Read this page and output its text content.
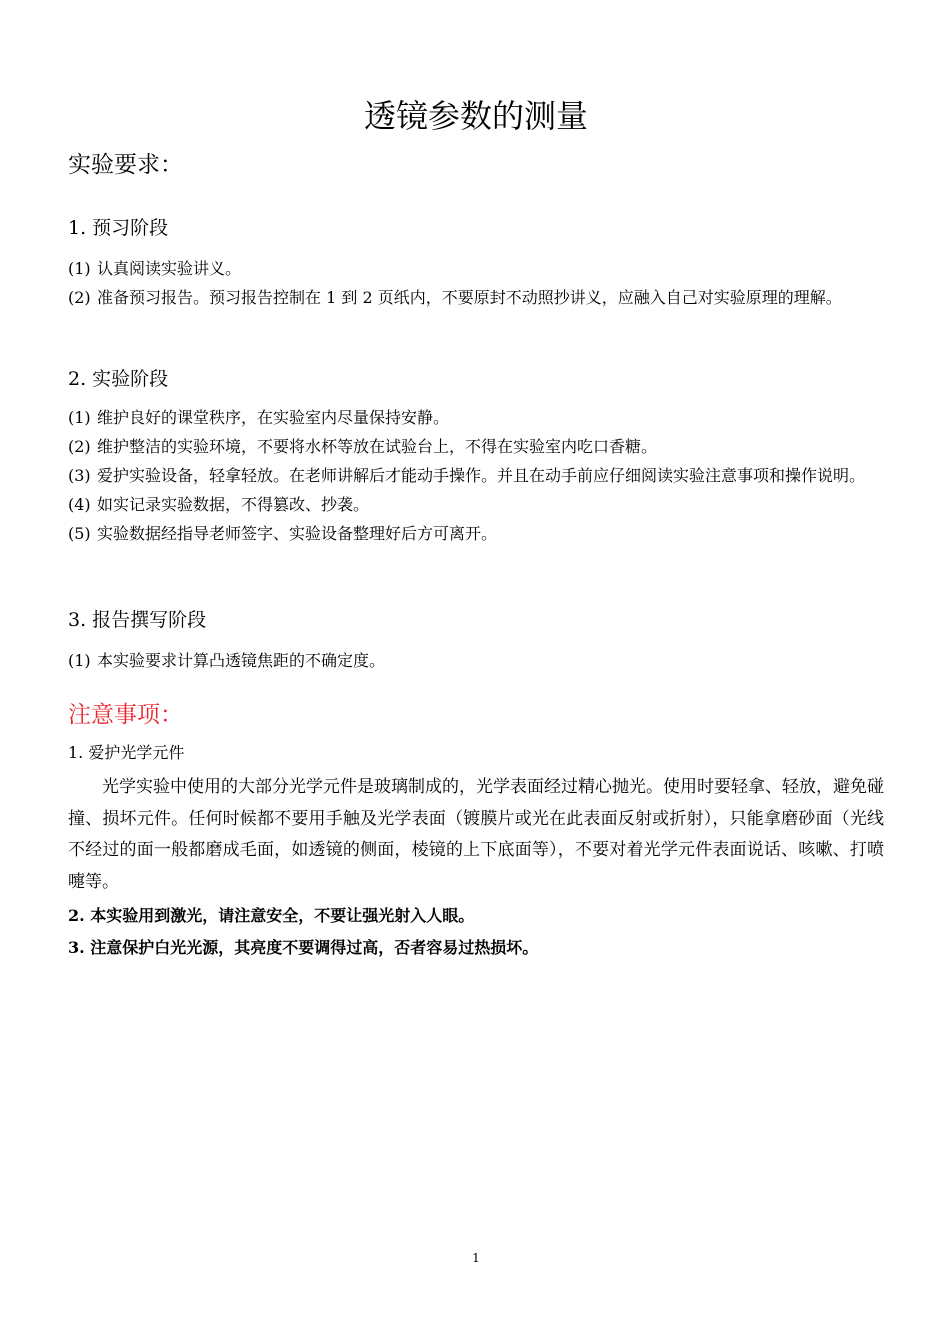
透镜参数的测量
实验要求：
1. 预习阶段
(1) 认真阅读实验讲义。
(2) 准备预习报告。预习报告控制在 1 到 2 页纸内，不要原封不动照抄讲义，应融入自己对实验原理的理解。
2. 实验阶段
(1) 维护良好的课堂秩序，在实验室内尽量保持安静。
(2) 维护整洁的实验环境，不要将水杯等放在试验台上，不得在实验室内吃口香糖。
(3) 爱护实验设备，轻拿轻放。在老师讲解后才能动手操作。并且在动手前应仔细阅读实验注意事项和操作说明。
(4) 如实记录实验数据，不得篡改、抄袭。
(5) 实验数据经指导老师签字、实验设备整理好后方可离开。
3. 报告撰写阶段
(1) 本实验要求计算凸透镜焦距的不确定度。
注意事项：

1. 爱护光学元件

光学实验中使用的大部分光学元件是玻璃制成的，光学表面经过精心抛光。使用时要轻拿、轻放，避免碰撞、损坏元件。任何时候都不要用手触及光学表面（镀膜片或光在此表面反射或折射），只能拿磨砂面（光线不经过的面一般都磨成毛面，如透镜的侧面，棱镜的上下底面等），不要对着光学元件表面说话、咳嗽、打喷嚏等。

2. 本实验用到激光，请注意安全，不要让强光射入人眼。

3. 注意保护白光光源，其亮度不要调得过高，否者容易过热损坏。

1
